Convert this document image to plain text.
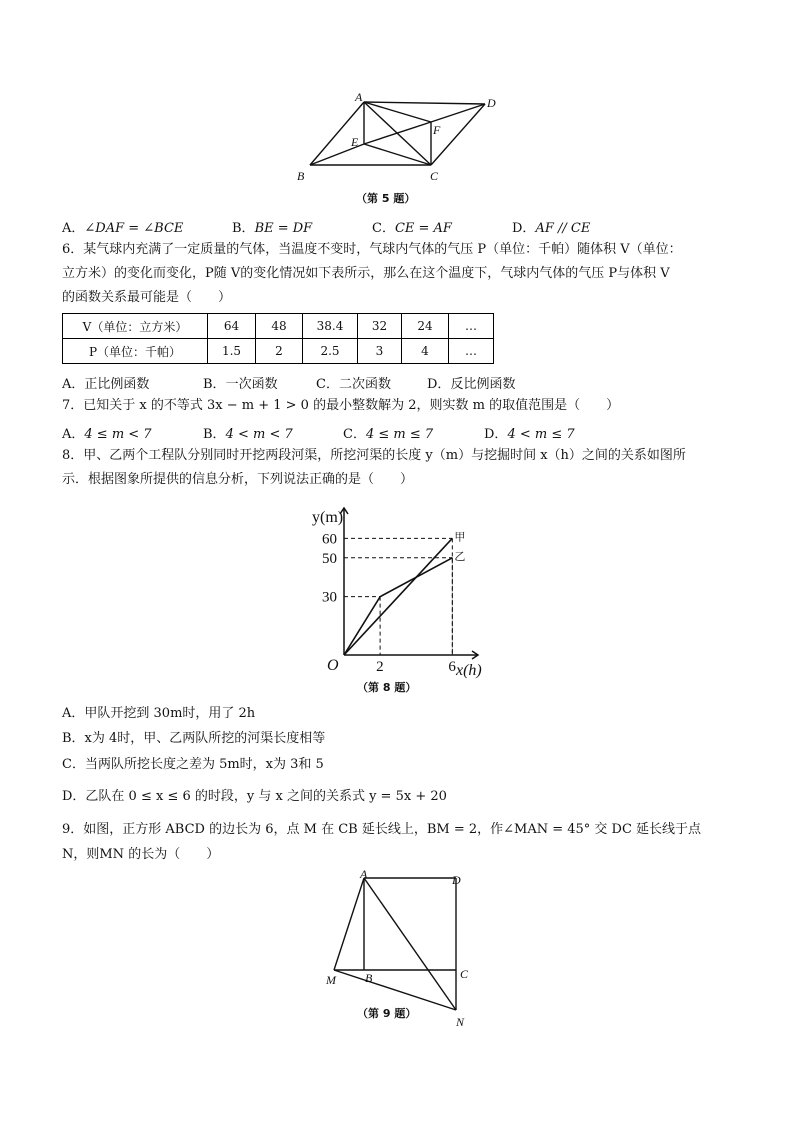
A	D
B	C
E
F
（第 5 题）
A．∠DAF = ∠BCE	B．BE = DF	C．CE = AF	D．AF // CE
6．某气球内充满了一定质量的气体，当温度不变时，气球内气体的气压 P（单位：千帕）随体积 V（单位：
立方米）的变化而变化，P随 V的变化情况如下表所示，那么在这个温度下，气球内气体的气压 P与体积 V
的函数关系最可能是（　　）
V（单位：立方米）	64	48	38.4	32	24	…
P（单位：千帕）	1.5	2	2.5	3	4	…
A．正比例函数	B．一次函数	C．二次函数	D．反比例函数
7．已知关于 x 的不等式 3x − m + 1 > 0 的最小整数解为 2，则实数 m 的取值范围是（　　）
A．4 ≤ m < 7	B．4 < m < 7	C．4 ≤ m ≤ 7	D．4 < m ≤ 7
8．甲、乙两个工程队分别同时开挖两段河渠，所挖河渠的长度 y（m）与挖掘时间 x（h）之间的关系如图所
示．根据图象所提供的信息分析，下列说法正确的是（　　）
2	6
30
50
60
y(m)
x(h)
O
甲
乙
（第 8 题）
A．甲队开挖到 30m时，用了 2h
B．x为 4时，甲、乙两队所挖的河渠长度相等
C．当两队所挖长度之差为 5m时，x为 3和 5
D．乙队在 0 ≤ x ≤ 6 的时段，y 与 x 之间的关系式 y = 5x + 20
9．如图，正方形 ABCD 的边长为 6，点 M 在 CB 延长线上，BM = 2，作∠MAN = 45° 交 DC 延长线于点
N，则MN 的长为（　　）
A	D
M B	C
N
（第 9 题）
